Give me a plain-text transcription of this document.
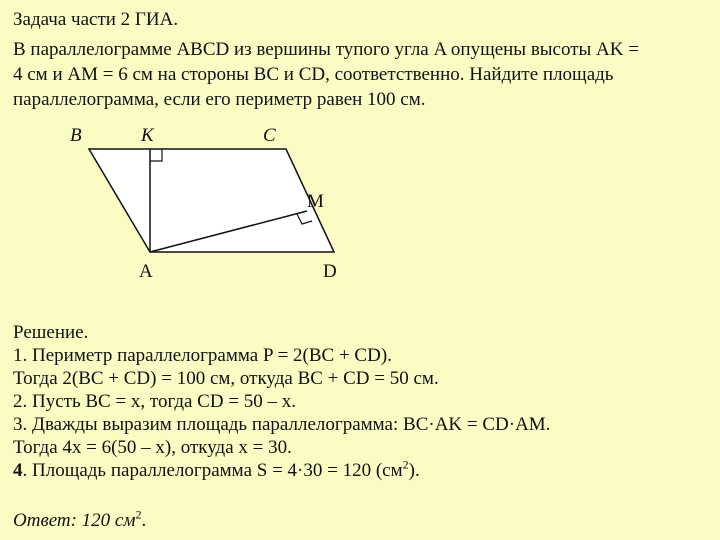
Задача части 2 ГИА.
В параллелограмме ABCD из вершины тупого угла A опущены высоты AK =
4 см и AM = 6 см на стороны BC и CD, соответственно. Найдите площадь
параллелограмма, если его периметр равен 100 см.
B	K	C
M
A	D
Решение.
1. Периметр параллелограмма P = 2(BC + CD).
Тогда 2(BC + CD) = 100 см, откуда BC + CD = 50 см.
2. Пусть BC = x, тогда CD = 50 – x.
3. Дважды выразим площадь параллелограмма: BC·AK = CD·AM.
Тогда 4x = 6(50 – x), откуда x = 30.
4. Площадь параллелограмма S = 4·30 = 120 $(см^2)$.
Ответ: 120 $см^2$.
